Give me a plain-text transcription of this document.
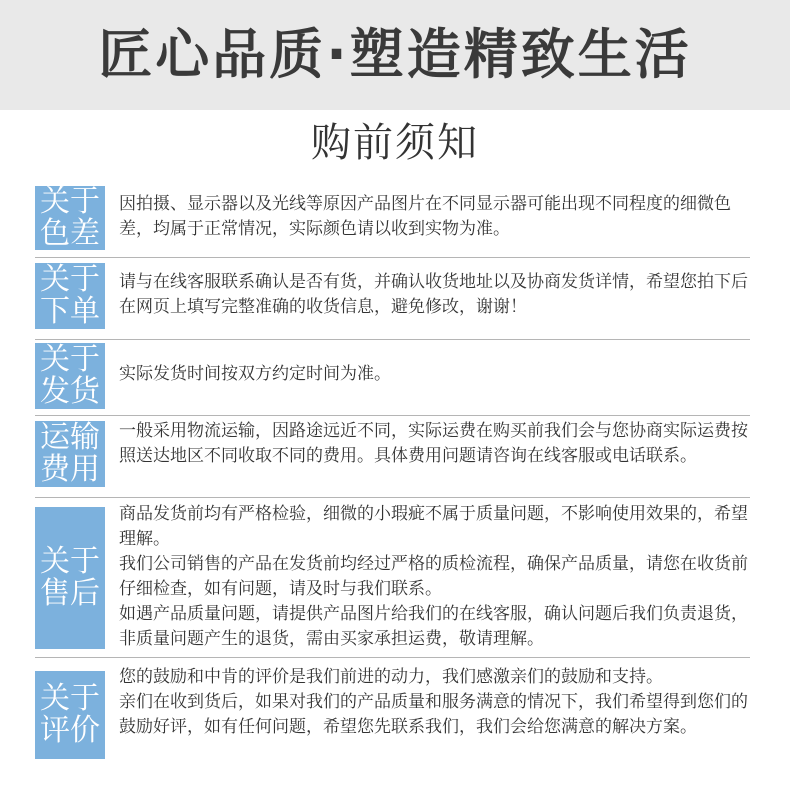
匠心品质·塑造精致生活
购前须知
关于
色差

因拍摄、显示器以及光线等原因产品图片在不同显示器可能出现不同程度的细微色差，均属于正常情况，实际颜色请以收到实物为准。

关于
下单

请与在线客服联系确认是否有货，并确认收货地址以及协商发货详情，希望您拍下后在网页上填写完整准确的收货信息，避免修改，谢谢！

关于
发货 实际发货时间按双方约定时间为准。

运输
费用

一般采用物流运输，因路途远近不同，实际运费在购买前我们会与您协商实际运费按照送达地区不同收取不同的费用。具体费用问题请咨询在线客服或电话联系。

关于
售后

商品发货前均有严格检验，细微的小瑕疵不属于质量问题，不影响使用效果的，希望理解。

我们公司销售的产品在发货前均经过严格的质检流程，确保产品质量，请您在收货前仔细检查，如有问题，请及时与我们联系。

如遇产品质量问题，请提供产品图片给我们的在线客服，确认问题后我们负责退货，非质量问题产生的退货，需由买家承担运费，敬请理解。

关于
评价

您的鼓励和中肯的评价是我们前进的动力，我们感激亲们的鼓励和支持。

亲们在收到货后，如果对我们的产品质量和服务满意的情况下，我们希望得到您们的鼓励好评，如有任何问题，希望您先联系我们，我们会给您满意的解决方案。
